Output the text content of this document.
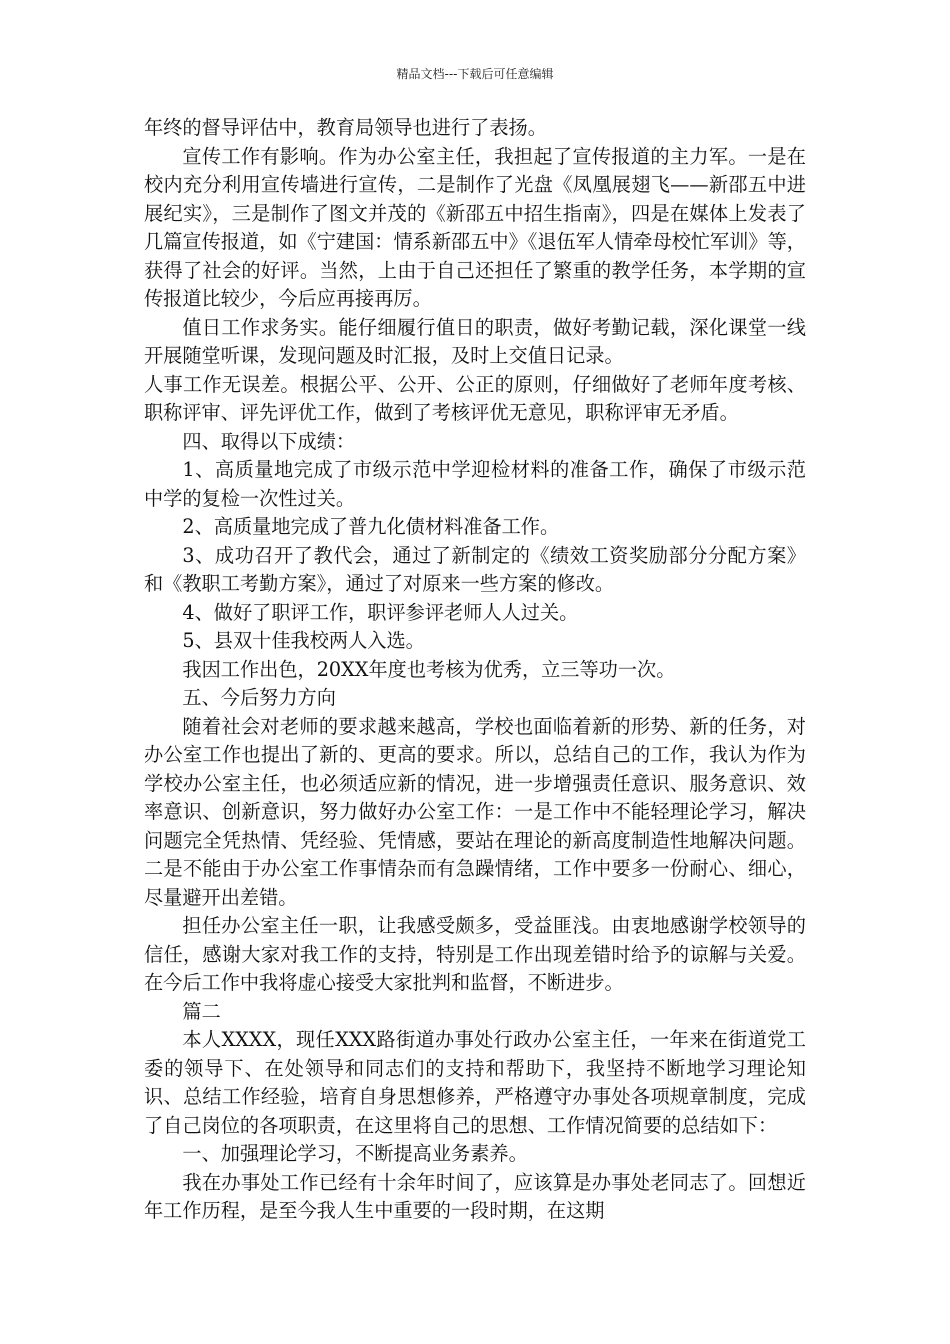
精品文档---下载后可任意编辑

年终的督导评估中，教育局领导也进行了表扬。

宣传工作有影响。作为办公室主任，我担起了宣传报道的主力军。一是在校内充分利用宣传墙进行宣传，二是制作了光盘《凤凰展翅飞——新邵五中进展纪实》，三是制作了图文并茂的《新邵五中招生指南》，四是在媒体上发表了几篇宣传报道，如《宁建国：情系新邵五中》《退伍军人情牵母校忙军训》等，获得了社会的好评。当然，上由于自己还担任了繁重的教学任务，本学期的宣传报道比较少，今后应再接再厉。

值日工作求务实。能仔细履行值日的职责，做好考勤记载，深化课堂一线开展随堂听课，发现问题及时汇报，及时上交值日记录。

人事工作无误差。根据公平、公开、公正的原则，仔细做好了老师年度考核、职称评审、评先评优工作，做到了考核评优无意见，职称评审无矛盾。

四、取得以下成绩：

1、高质量地完成了市级示范中学迎检材料的准备工作，确保了市级示范中学的复检一次性过关。

2、高质量地完成了普九化债材料准备工作。

3、成功召开了教代会，通过了新制定的《绩效工资奖励部分分配方案》和《教职工考勤方案》，通过了对原来一些方案的修改。

4、做好了职评工作，职评参评老师人人过关。

5、县双十佳我校两人入选。

我因工作出色，20XX年度也考核为优秀，立三等功一次。

五、今后努力方向

随着社会对老师的要求越来越高，学校也面临着新的形势、新的任务，对办公室工作也提出了新的、更高的要求。所以，总结自己的工作，我认为作为学校办公室主任，也必须适应新的情况，进一步增强责任意识、服务意识、效率意识、创新意识，努力做好办公室工作：一是工作中不能轻理论学习，解决问题完全凭热情、凭经验、凭情感，要站在理论的新高度制造性地解决问题。二是不能由于办公室工作事情杂而有急躁情绪，工作中要多一份耐心、细心，尽量避开出差错。

担任办公室主任一职，让我感受颇多，受益匪浅。由衷地感谢学校领导的信任，感谢大家对我工作的支持，特别是工作出现差错时给予的谅解与关爱。在今后工作中我将虚心接受大家批判和监督，不断进步。

篇二

本人XXXX，现任XXX路街道办事处行政办公室主任，一年来在街道党工委的领导下、在处领导和同志们的支持和帮助下，我坚持不断地学习理论知识、总结工作经验，培育自身思想修养，严格遵守办事处各项规章制度，完成了自己岗位的各项职责，在这里将自己的思想、工作情况简要的总结如下：

一、加强理论学习，不断提高业务素养。

我在办事处工作已经有十余年时间了，应该算是办事处老同志了。回想近年工作历程，是至今我人生中重要的一段时期，在这期
